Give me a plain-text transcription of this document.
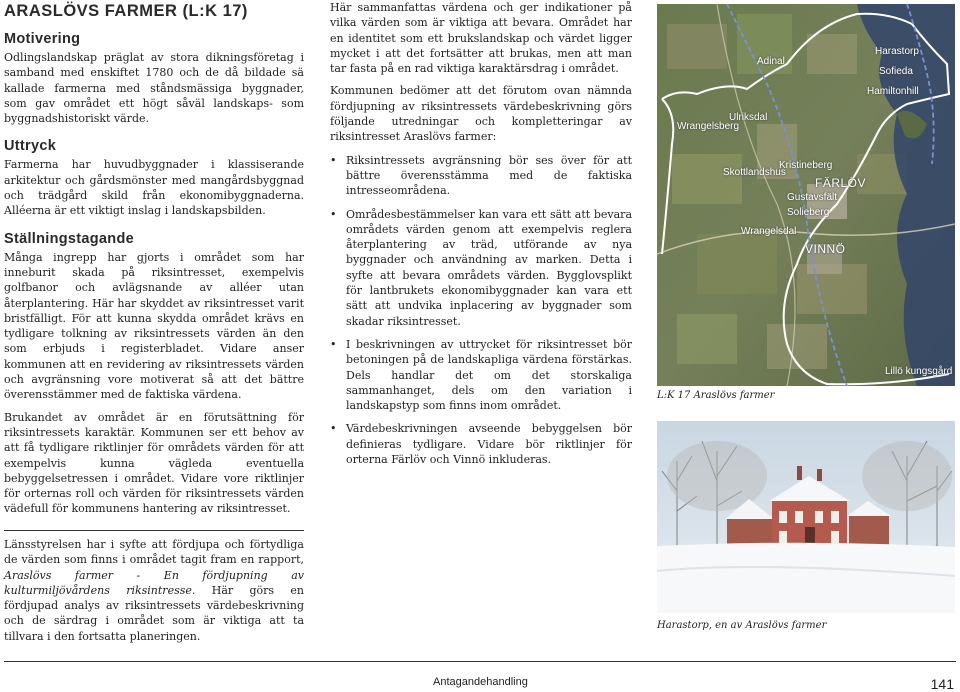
ARASLÖVS FARMER (L:K 17)
Motivering

Odlingslandskap präglat av stora dikningsföretag i samband med enskiftet 1780 och de då bildade sä kallade farmerna med ståndsmässiga byggnader, som gav området ett högt såväl landskaps- som byggnadshistoriskt värde.

Uttryck

Farmerna har huvudbyggnader i klassiserande arkitektur och gårdsmönster med mangårdsbyggnad och trädgård skild från ekonomibyggnaderna. Alléerna är ett viktigt inslag i landskapsbilden.

Ställningstagande

Många ingrepp har gjorts i området som har inneburit skada på riksintresset, exempelvis golfbanor och avlägsnande av alléer utan återplantering. Här har skyddet av riksintresset varit bristfälligt. För att kunna skydda området krävs en tydligare tolkning av riksintressets värden än den som erbjuds i registerbladet. Vidare anser kommunen att en revidering av riksintressets värden och avgränsning vore motiverat så att det bättre överensstämmer med de faktiska värdena.

Brukandet av området är en förutsättning för riksintressets karaktär. Kommunen ser ett behov av att få tydligare riktlinjer för områdets värden för att exempelvis kunna vägleda eventuella bebyggelsetressen i området. Vidare vore riktlinjer för orternas roll och värden för riksintressets värden vädefull för kommunens hantering av riksintresset.

Länsstyrelsen har i syfte att fördjupa och förtydliga de värden som finns i området tagit fram en rapport, Araslövs farmer - En fördjupning av kulturmiljövårdens riksintresse. Här görs en fördjupad analys av riksintressets värdebeskrivning och de särdrag i området som är viktiga att ta tillvara i den fortsatta planeringen.

Här sammanfattas värdena och ger indikationer på vilka värden som är viktiga att bevara. Området har en identitet som ett brukslandskap och värdet ligger mycket i att det fortsätter att brukas, men att man tar fasta på en rad viktiga karaktärsdrag i området.

Kommunen bedömer att det förutom ovan nämnda fördjupning av riksintressets värdebeskrivning görs följande utredningar och kompletteringar av riksintresset Araslövs farmer:

• Riksintressets avgränsning bör ses över för att bättre överensstämma med de faktiska intresseområdena.
• Områdesbestämmelser kan vara ett sätt att bevara områdets värden genom att exempelvis reglera återplantering av träd, utförande av nya byggnader och användning av marken. Detta i syfte att bevara områdets värden. Bygglovsplikt för lantbrukets ekonomibyggnader kan vara ett sätt att undvika inplacering av byggnader som skadar riksintresset.
• I beskrivningen av uttrycket för riksintresset bör betoningen på de landskapliga värdena förstärkas. Dels handlar det om det storskaliga sammanhanget, dels om den variation i landskapstyp som finns inom området.
• Värdebeskrivningen avseende bebyggelsen bör definieras tydligare. Vidare bör riktlinjer för orterna Färlöv och Vinnö inkluderas.
Harastorp
Adinal
Sofieda
Hamiltonhill
Ulriksdal
Wrangelsberg
Kristineberg
Skottlandshus
FÄRLÖV
Gustavsfält
Solieberg
Wrangelsdal
VINNÖ
Lillö kungsgård
L:K 17 Araslövs farmer
Harastorp, en av Araslövs farmer
Antagandehandling	141
